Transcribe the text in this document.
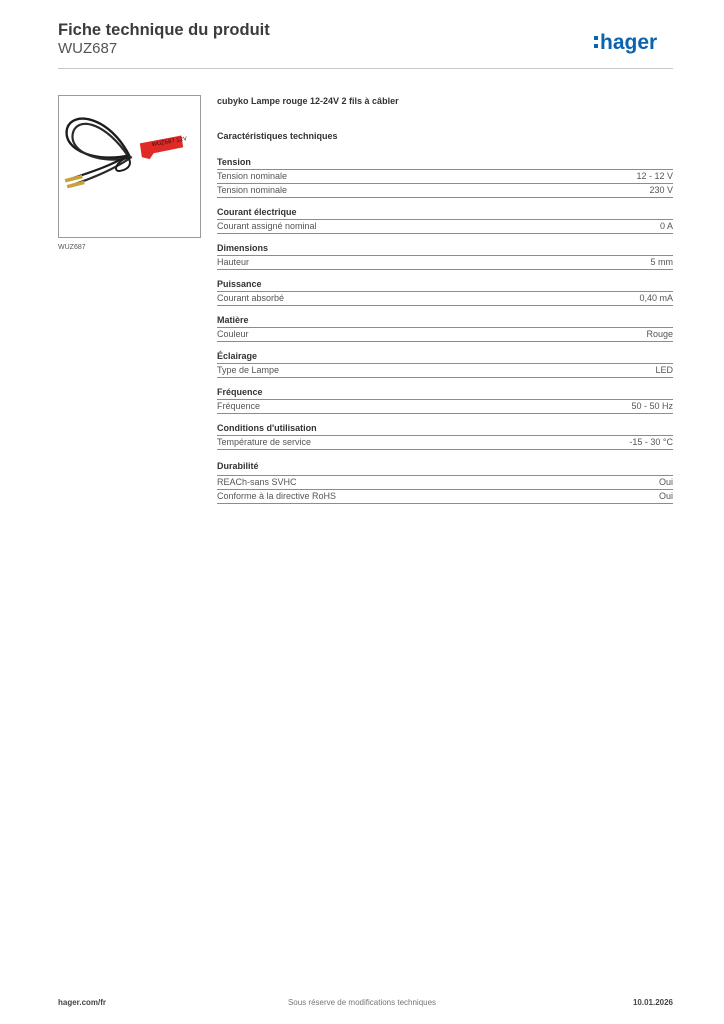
Fiche technique du produit
WUZ687	hager
WUZ687 12V
WUZ687
cubyko Lampe rouge 12-24V 2 fils à câbler
Caractéristiques techniques
Tension
Tension nominale	12 - 12 V
Tension nominale	230 V
Courant électrique
Courant assigné nominal	0 A
Dimensions
Hauteur	5 mm
Puissance
Courant absorbé	0,40 mA
Matière
Couleur	Rouge
Éclairage
Type de Lampe	LED
Fréquence
Fréquence	50 - 50 Hz
Conditions d'utilisation
Température de service	-15 - 30 °C
Durabilité
REACh-sans SVHC	Oui
Conforme à la directive RoHS	Oui
hager.com/fr	Sous réserve de modifications techniques	10.01.2026
